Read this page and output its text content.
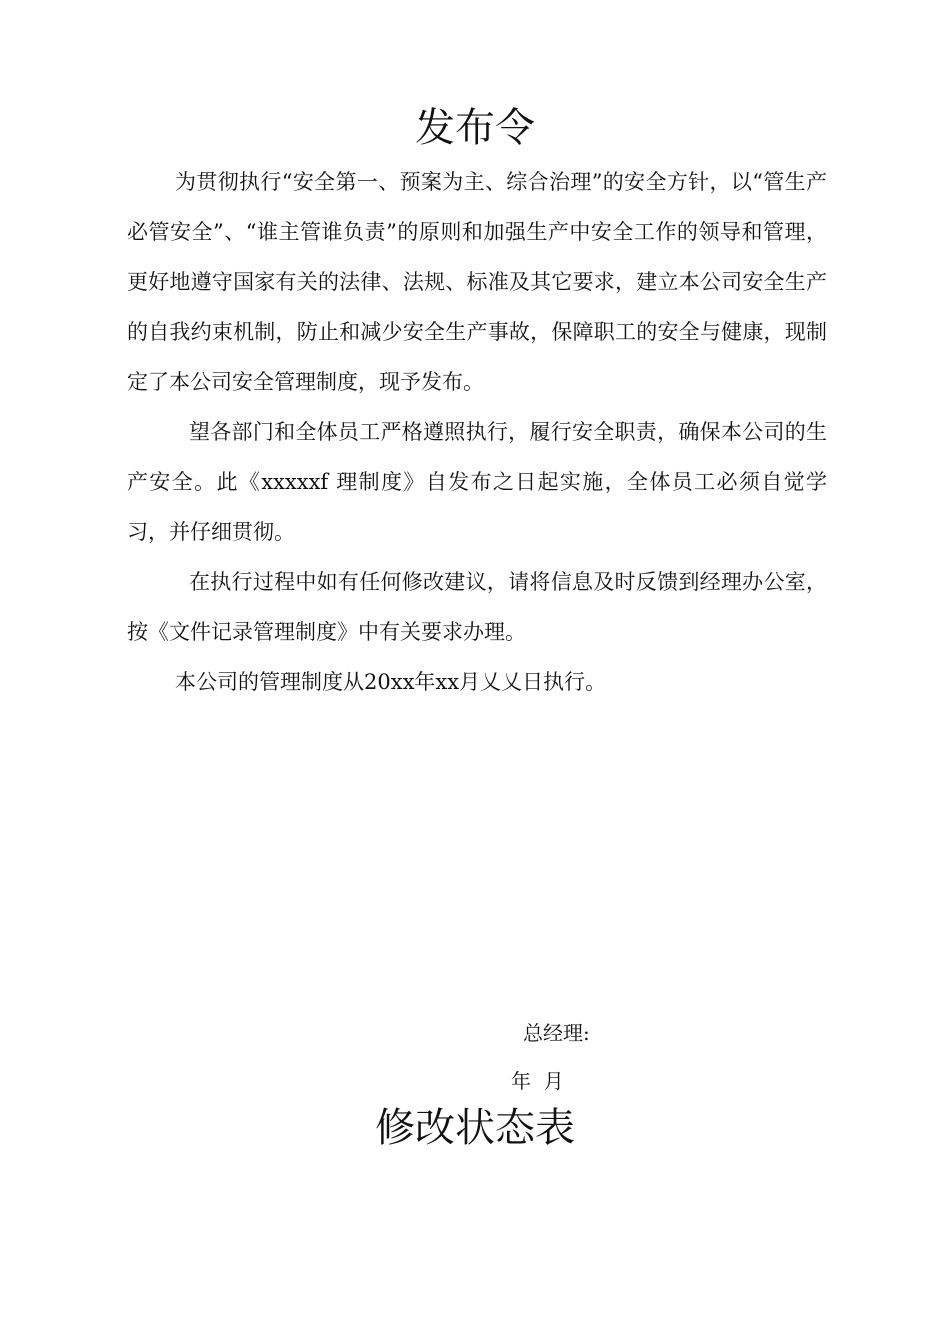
发布令

为贯彻执行“安全第一、预案为主、综合治理”的安全方针，以“管生产必管安全”、“谁主管谁负责”的原则和加强生产中安全工作的领导和管理，更好地遵守国家有关的法律、法规、标准及其它要求，建立本公司安全生产的自我约束机制，防止和减少安全生产事故，保障职工的安全与健康，现制定了本公司安全管理制度，现予发布。

望各部门和全体员工严格遵照执行，履行安全职责，确保本公司的生产安全。此《xxxxxf 理制度》自发布之日起实施，全体员工必须自觉学习，并仔细贯彻。

在执行过程中如有任何修改建议，请将信息及时反馈到经理办公室，按《文件记录管理制度》中有关要求办理。

本公司的管理制度从20xx年xx月乂乂日执行。

总经理:
年  月
修改状态表
